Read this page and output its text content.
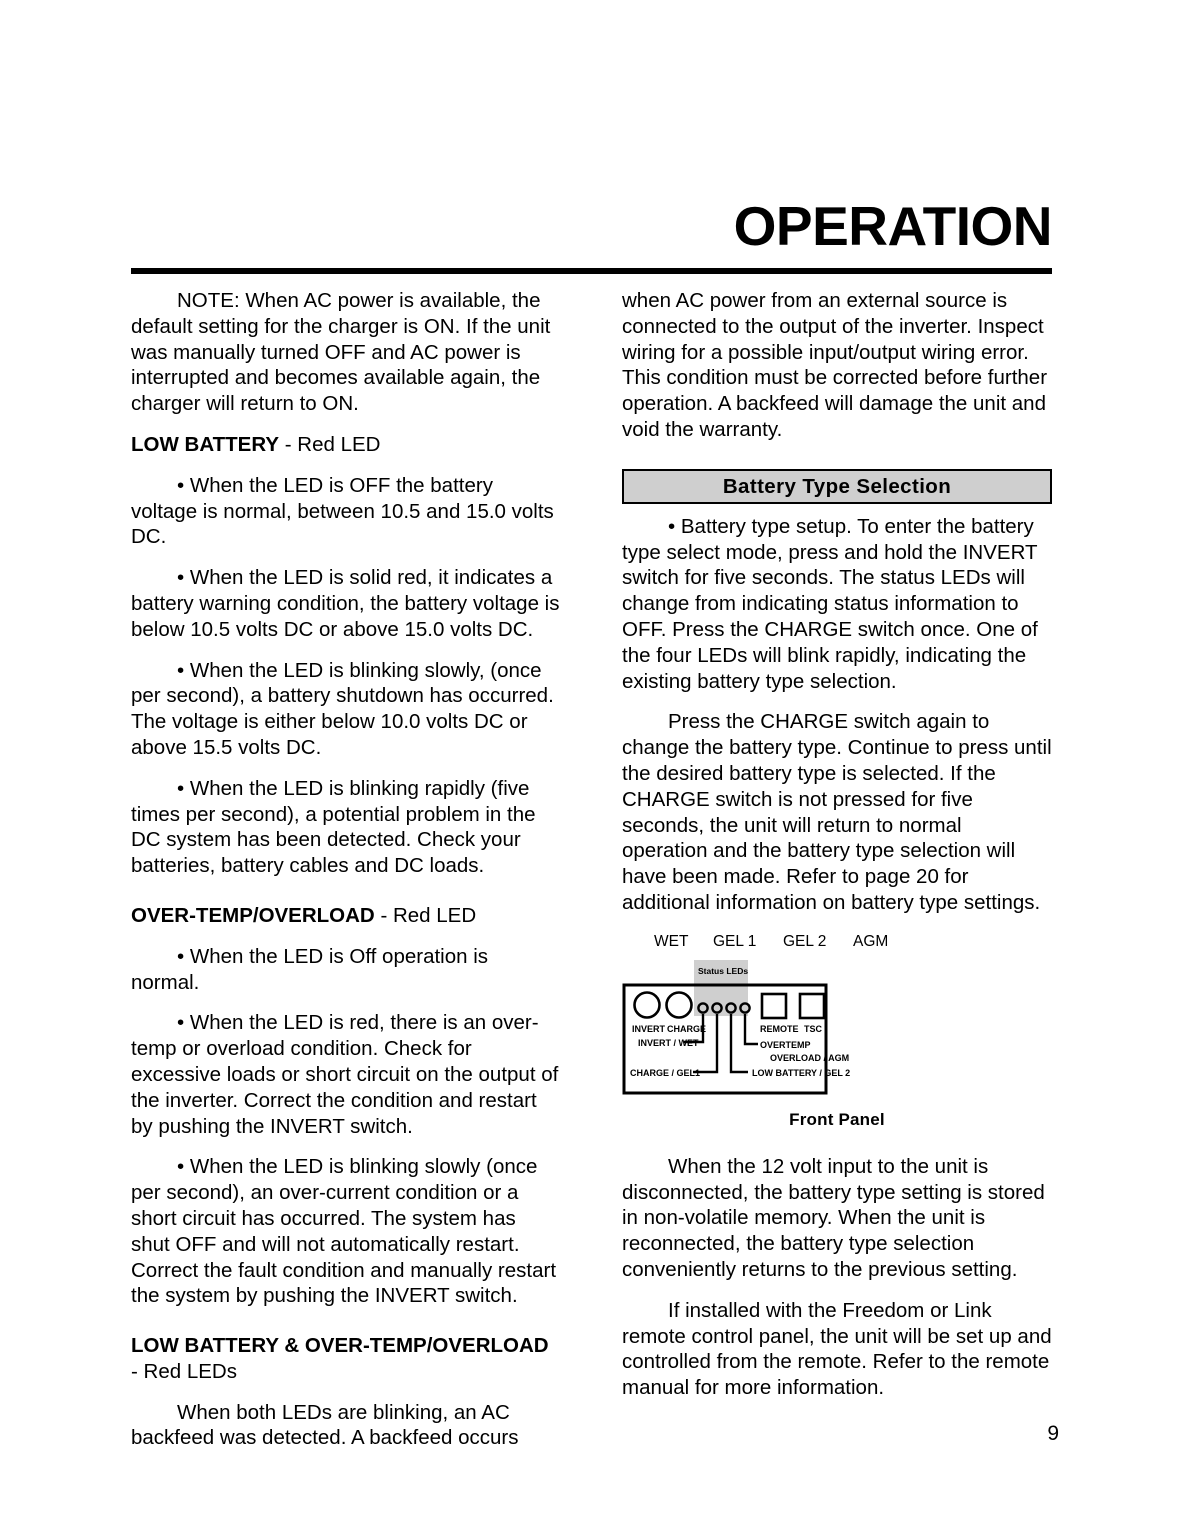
OPERATION

NOTE: When AC power is available, the default setting for the charger is ON. If the unit was manually turned OFF and AC power is interrupted and becomes available again, the charger will return to ON.

LOW BATTERY - Red LED

• When the LED is OFF the battery voltage is normal, between 10.5 and 15.0 volts DC.

• When the LED is solid red, it indicates a battery warning condition, the battery voltage is below 10.5 volts DC or above 15.0 volts DC.

• When the LED is blinking slowly, (once per second), a battery shutdown has occurred. The voltage is either below 10.0 volts DC or above 15.5 volts DC.

• When the LED is blinking rapidly (five times per second), a potential problem in the DC system has been detected. Check your batteries, battery cables and DC loads.

OVER-TEMP/OVERLOAD - Red LED

• When the LED is Off operation is normal.

• When the LED is red, there is an over-temp or overload condition. Check for excessive loads or short circuit on the output of the inverter. Correct the condition and restart by pushing the INVERT switch.

• When the LED is blinking slowly (once per second), an over-current condition or a short circuit has occurred. The system has shut OFF and will not automatically restart. Correct the fault condition and manually restart the system by pushing the INVERT switch.

LOW BATTERY & OVER-TEMP/OVERLOAD
- Red LEDs

When both LEDs are blinking, an AC backfeed was detected. A backfeed occurs

when AC power from an external source is connected to the output of the inverter. Inspect wiring for a possible input/output wiring error. This condition must be corrected before further operation. A backfeed will damage the unit and void the warranty.

Battery Type Selection

• Battery type setup. To enter the battery type select mode, press and hold the INVERT switch for five seconds. The status LEDs will change from indicating status information to OFF. Press the CHARGE switch once. One of the four LEDs will blink rapidly, indicating the existing battery type selection.

Press the CHARGE switch again to change the battery type. Continue to press until the desired battery type is selected. If the CHARGE switch is not pressed for five seconds, the unit will return to normal operation and the battery type selection will have been made. Refer to page 20 for additional information on battery type settings.

WET GEL 1 GEL 2 AGM
Status LEDs
INVERT CHARGE	REMOTE TSC
INVERT / WET
CHARGE / GEL1	LOW BATTERY / GEL 2
OVERTEMP
OVERLOAD / AGM
Front Panel

When the 12 volt input to the unit is disconnected, the battery type setting is stored in non-volatile memory. When the unit is reconnected, the battery type selection conveniently returns to the previous setting.

If installed with the Freedom or Link remote control panel, the unit will be set up and controlled from the remote. Refer to the remote manual for more information.

9
